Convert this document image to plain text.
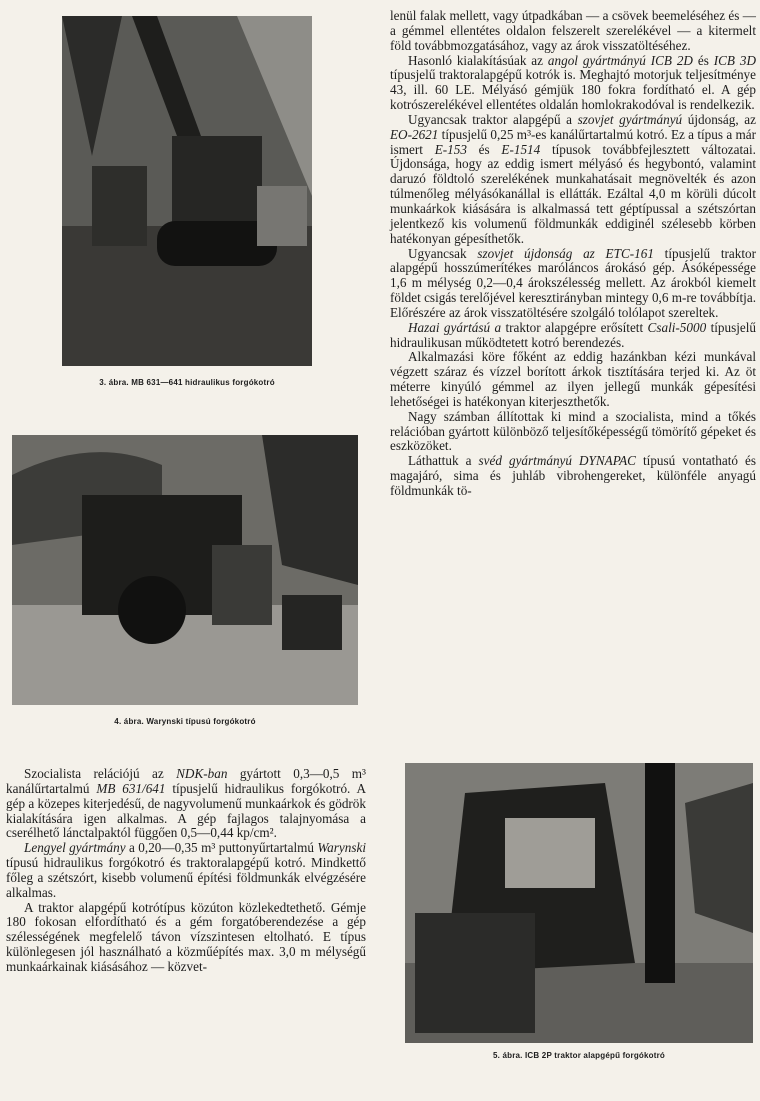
3. ábra. MB 631—641 hidraulikus forgókotró
4. ábra. Warynski típusú forgókotró
5. ábra. ICB 2P traktor alapgépű forgókotró

lenül falak mellett, vagy útpadkában — a csövek beemeléséhez és — a gémmel ellentétes oldalon felszerelt szerelékével — a kitermelt föld továbbmozgatásához, vagy az árok visszatöltéséhez.

Hasonló kialakításúak az angol gyártmányú ICB 2D és ICB 3D típusjelű traktoralapgépű kotrók is. Meghajtó motorjuk teljesítménye 43, ill. 60 LE. Mélyásó gémjük 180 fokra fordítható el. A gép kotrószerelékével ellentétes oldalán homlokrakodóval is rendelkezik.

Ugyancsak traktor alapgépű a szovjet gyártmányú újdonság, az EO-2621 típusjelű 0,25 m³-es kanálűrtartalmú kotró. Ez a típus a már ismert E-153 és E-1514 típusok továbbfejlesztett változatai. Újdonsága, hogy az eddig ismert mélyásó és hegybontó, valamint daruzó földtoló szerelékének munkahatásait megnövelték és azon túlmenőleg mélyásókanállal is ellátták. Ezáltal 4,0 m körüli dúcolt munkaárkok kiásására is alkalmassá tett géptípussal a szétszórtan jelentkező kis volumenű földmunkák eddiginél szélesebb körben hatékonyan gépesíthetők.

Ugyancsak szovjet újdonság az ETC-161 típusjelű traktor alapgépű hosszúmerítékes maróláncos árokásó gép. Ásóképessége 1,6 m mélység 0,2—0,4 árokszélesség mellett. Az árokból kiemelt földet csigás terelőjével keresztirányban mintegy 0,6 m-re továbbítja. Előrészére az árok visszatöltésére szolgáló tolólapot szereltek.

Hazai gyártású a traktor alapgépre erősített Csali-5000 típusjelű hidraulikusan működtetett kotró berendezés.

Alkalmazási köre főként az eddig hazánkban kézi munkával végzett száraz és vízzel borított árkok tisztítására terjed ki. Az öt méterre kinyúló gémmel az ilyen jellegű munkák gépesítési lehetőségei is hatékonyan kiterjeszthetők.

Nagy számban állítottak ki mind a szocialista, mind a tőkés relációban gyártott különböző teljesítőképességű tömörítő gépeket és eszközöket.

Láthattuk a svéd gyártmányú DYNAPAC típusú vontatható és magajáró, sima és juhláb vibrohengereket, különféle anyagú földmunkák tö-

Szocialista relációjú az NDK-ban gyártott 0,3—0,5 m³ kanálűrtartalmú MB 631/641 típusjelű hidraulikus forgókotró. A gép a közepes kiterjedésű, de nagyvolumenű munkaárkok és gödrök kialakítására igen alkalmas. A gép fajlagos talajnyomása a cserélhető lánctalpaktól függően 0,5—0,44 kp/cm².

Lengyel gyártmány a 0,20—0,35 m³ puttonyűrtartalmú Warynski típusú hidraulikus forgókotró és traktoralapgépű kotró. Mindkettő főleg a szétszórt, kisebb volumenű építési földmunkák elvégzésére alkalmas.

A traktor alapgépű kotrótípus közúton közlekedtethető. Gémje 180 fokosan elfordítható és a gém forgatóberendezése a gép szélességének megfelelő távon vízszintesen eltolható. E típus különlegesen jól használható a közműépítés max. 3,0 m mélységű munkaárkainak kiásásához — közvet-
